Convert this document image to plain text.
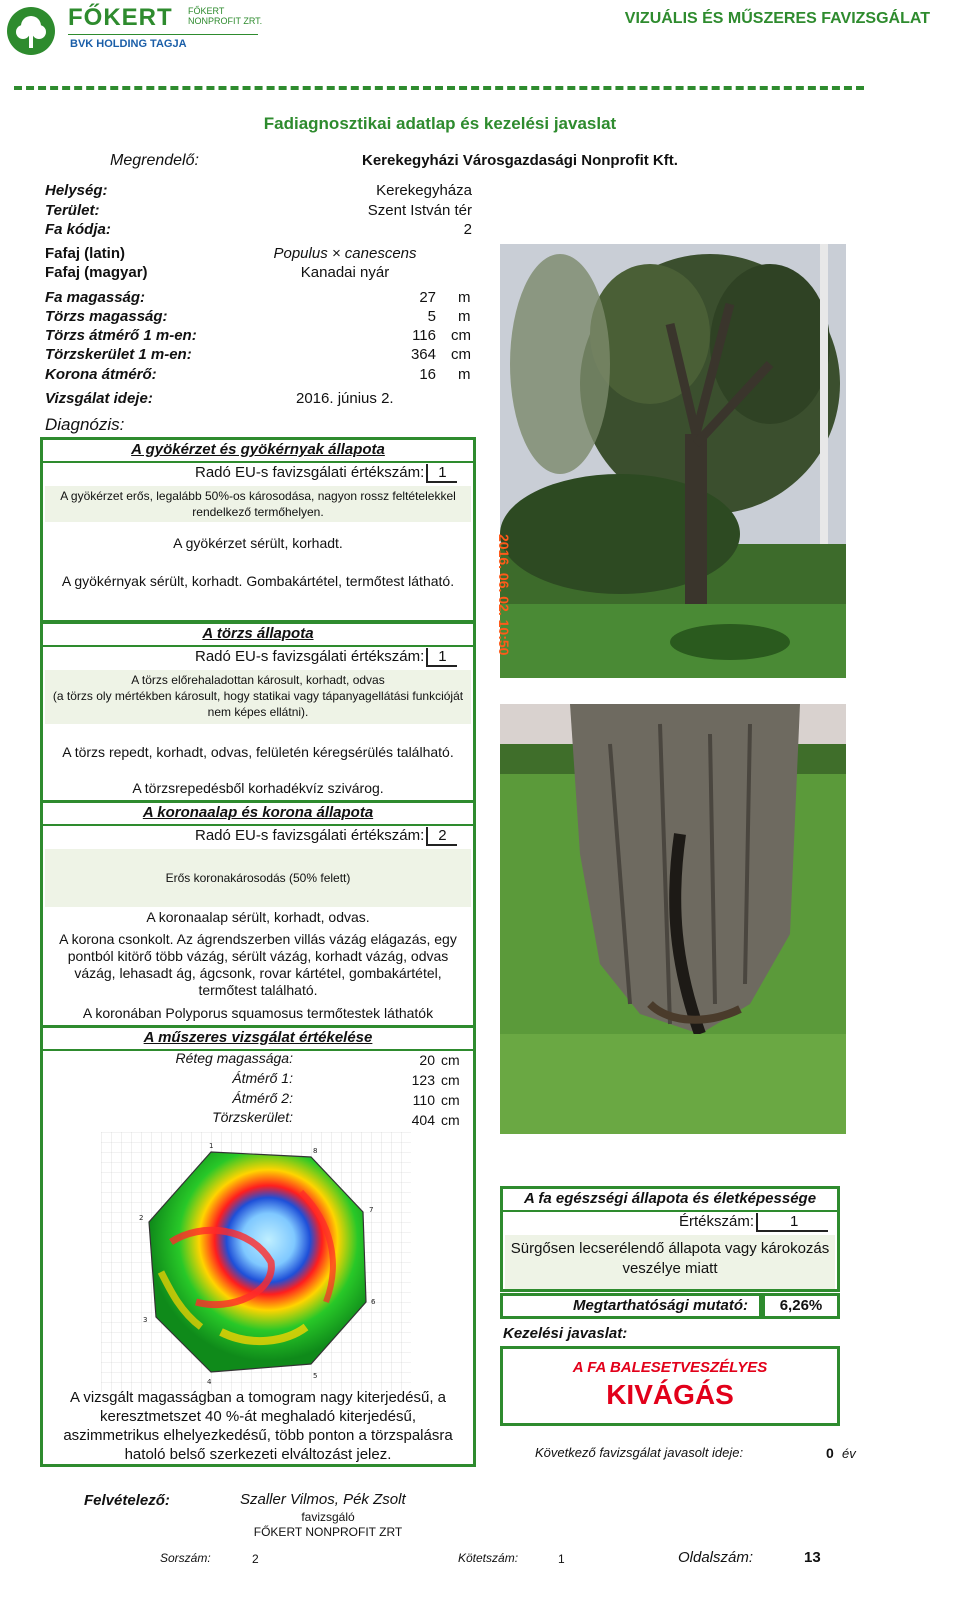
FŐKERT FŐKERT
NONPROFIT ZRT.
BVK HOLDING TAGJA
VIZUÁLIS ÉS MŰSZERES FAVIZSGÁLAT
Fadiagnosztikai adatlap és kezelési javaslat
Megrendelő:	Kerekegyházi Városgazdasági Nonprofit Kft.
Helység:	Kerekegyháza
Terület:	Szent István tér
Fa kódja:	2
Fafaj (latin)	Populus × canescens
Fafaj (magyar)	Kanadai nyár
Fa magasság:	27 m
Törzs magasság:	5 m
Törzs átmérő 1 m-en:	116 cm
Törzskerület 1 m-en:	364 cm
Korona átmérő:	16 m
Vizsgálat ideje:	2016. június 2.
Diagnózis:
A gyökérzet és gyökérnyak állapota
Radó EU-s favizsgálati értékszám: 1
A gyökérzet erős, legalább 50%-os károsodása, nagyon rossz feltételekkel rendelkező termőhelyen.
A gyökérzet sérült, korhadt.
A gyökérnyak sérült, korhadt. Gombakártétel, termőtest látható.
A törzs állapota
Radó EU-s favizsgálati értékszám: 1
A törzs előrehaladottan károsult, korhadt, odvas
(a törzs oly mértékben károsult, hogy statikai vagy tápanyagellátási funkcióját nem képes ellátni).
A törzs repedt, korhadt, odvas, felületén kéregsérülés található.
A törzsrepedésből korhadékvíz szivárog.
A koronaalap és korona állapota
Radó EU-s favizsgálati értékszám: 2
Erős koronakárosodás (50% felett)
A koronaalap sérült, korhadt, odvas.
A korona csonkolt. Az ágrendszerben villás vázág elágazás, egy pontból kitörő több vázág, sérült vázág, korhadt vázág, odvas vázág, lehasadt ág, ágcsonk, rovar kártétel, gombakártétel, termőtest található.
A koronában Polyporus squamosus termőtestek láthatók
A műszeres vizsgálat értékelése
Réteg magassága:	20 cm
Átmérő 1:	123 cm
Átmérő 2:	110 cm
Törzskerület:	404 cm
1
8
7
6
5
4
3
2
A vizsgált magasságban a tomogram nagy kiterjedésű, a keresztmetszet 40 %-át meghaladó kiterjedésű, aszimmetrikus elhelyezkedésű, több ponton a törzspalásra hatoló belső szerkezeti elváltozást jelez.
2016. 06. 02. 10:50
A fa egészségi állapota és életképessége
Értékszám: 1
Sürgősen lecserélendő állapota vagy károkozás veszélye miatt
Megtarthatósági mutató:	6,26%
Kezelési javaslat:
A FA BALESETVESZÉLYES
KIVÁGÁS
Következő favizsgálat javasolt ideje:	0 év
Felvételező:	Szaller Vilmos, Pék Zsolt
favizsgáló
FŐKERT NONPROFIT ZRT
Sorszám:	2	Kötetszám:	1	Oldalszám:	13
